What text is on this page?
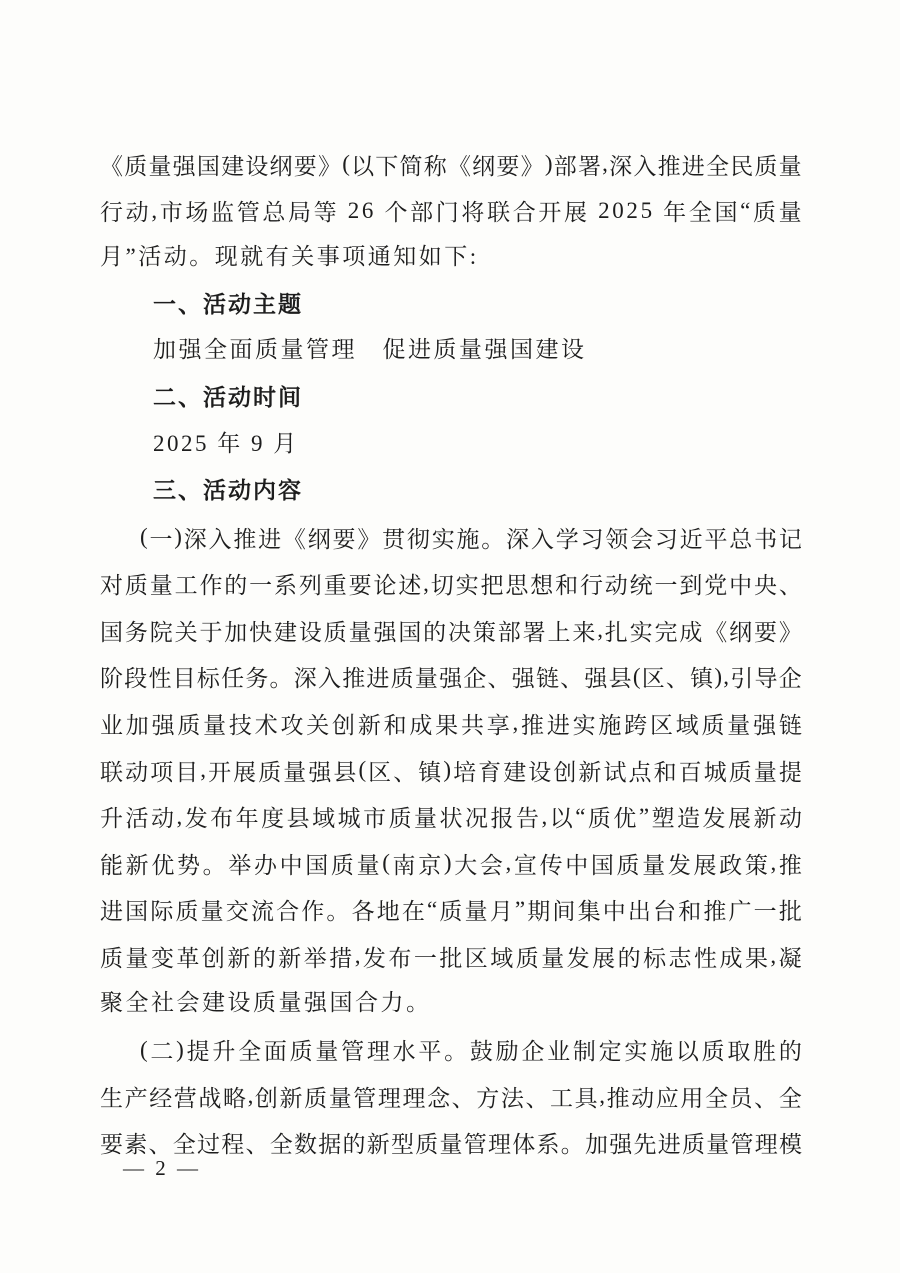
《 质 量 强 国 建 设 纲 要 》 ( 以 下 简 称 《 纲 要 》 ) 部 署 , 深 入 推 进 全 民 质 量
行 动 , 市 场 监 管 总 局 等
2 6
个 部 门 将 联 合 开 展
2 0 2 5
年 全 国 “ 质 量
月”活动。现就有关事项通知如下:
一、活动主题
加强全面质量管理　促进质量强国建设
二、活动时间
2025 年 9 月
三、活动内容
( 一 ) 深 入 推 进 《 纲 要 》 贯 彻 实 施 。 深 入 学 习 领 会 习 近 平 总 书 记
对 质 量 工 作 的 一 系 列 重 要 论 述 , 切 实 把 思 想 和 行 动 统 一 到 党 中 央 、
国 务 院 关 于 加 快 建 设 质 量 强 国 的 决 策 部 署 上 来 , 扎 实 完 成 《 纲 要 》
阶 段 性 目 标 任 务 。 深 入 推 进 质 量 强 企 、 强 链 、 强 县 ( 区 、 镇 ) , 引 导 企
业 加 强 质 量 技 术 攻 关 创 新 和 成 果 共 享 , 推 进 实 施 跨 区 域 质 量 强 链
联 动 项 目 , 开 展 质 量 强 县 ( 区 、 镇 ) 培 育 建 设 创 新 试 点 和 百 城 质 量 提
升 活 动 , 发 布 年 度 县 域 城 市 质 量 状 况 报 告 , 以 “ 质 优 ” 塑 造 发 展 新 动
能 新 优 势 。 举 办 中 国 质 量 ( 南 京 ) 大 会 , 宣 传 中 国 质 量 发 展 政 策 , 推
进 国 际 质 量 交 流 合 作 。 各 地 在 “ 质 量 月 ” 期 间 集 中 出 台 和 推 广 一 批
质 量 变 革 创 新 的 新 举 措 , 发 布 一 批 区 域 质 量 发 展 的 标 志 性 成 果 , 凝
聚全社会建设质量强国合力。
( 二 ) 提 升 全 面 质 量 管 理 水 平 。 鼓 励 企 业 制 定 实 施 以 质 取 胜 的
生 产 经 营 战 略 , 创 新 质 量 管 理 理 念 、 方 法 、 工 具 , 推 动 应 用 全 员 、 全
要 素 、 全 过 程 、 全 数 据 的 新 型 质 量 管 理 体 系 。 加 强 先 进 质 量 管 理 模
— 2 —
